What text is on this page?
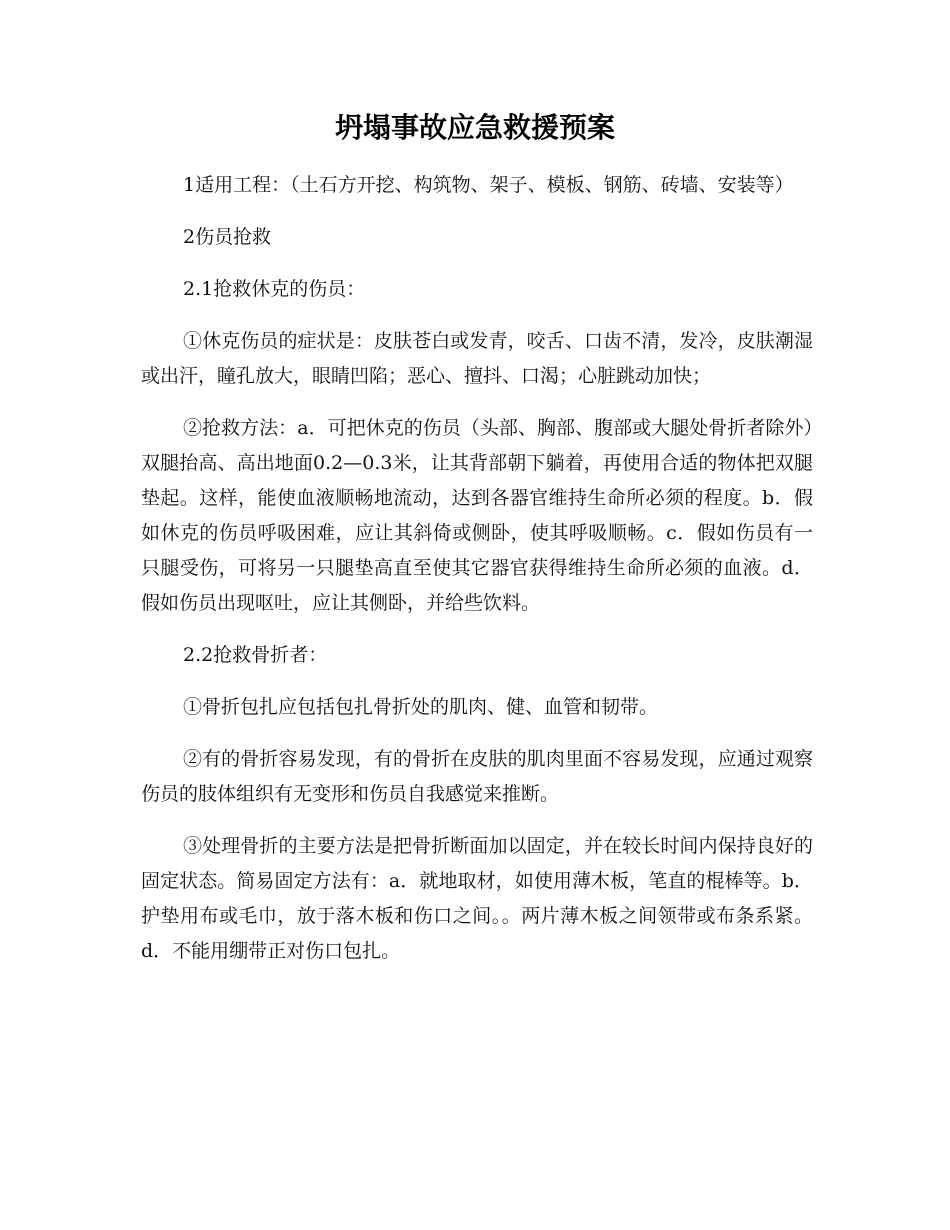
坍塌事故应急救援预案

1适用工程：（土石方开挖、构筑物、架子、模板、钢筋、砖墙、安装等）

2伤员抢救

2.1抢救休克的伤员：

①休克伤员的症状是：皮肤苍白或发青，咬舌、口齿不清，发冷，皮肤潮湿或出汗，瞳孔放大，眼睛凹陷；恶心、擅抖、口渴；心脏跳动加快；

②抢救方法：a．可把休克的伤员（头部、胸部、腹部或大腿处骨折者除外）双腿抬高、高出地面0.2—0.3米，让其背部朝下躺着，再使用合适的物体把双腿垫起。这样，能使血液顺畅地流动，达到各器官维持生命所必须的程度。b．假如休克的伤员呼吸困难，应让其斜倚或侧卧，使其呼吸顺畅。c．假如伤员有一只腿受伤，可将另一只腿垫高直至使其它器官获得维持生命所必须的血液。d．假如伤员出现呕吐，应让其侧卧，并给些饮料。

2.2抢救骨折者：

①骨折包扎应包括包扎骨折处的肌肉、健、血管和韧带。

②有的骨折容易发现，有的骨折在皮肤的肌肉里面不容易发现，应通过观察伤员的肢体组织有无变形和伤员自我感觉来推断。

③处理骨折的主要方法是把骨折断面加以固定，并在较长时间内保持良好的固定状态。简易固定方法有：a．就地取材，如使用薄木板，笔直的棍棒等。b．护垫用布或毛巾，放于落木板和伤口之间。。两片薄木板之间领带或布条系紧。d．不能用绷带正对伤口包扎。
